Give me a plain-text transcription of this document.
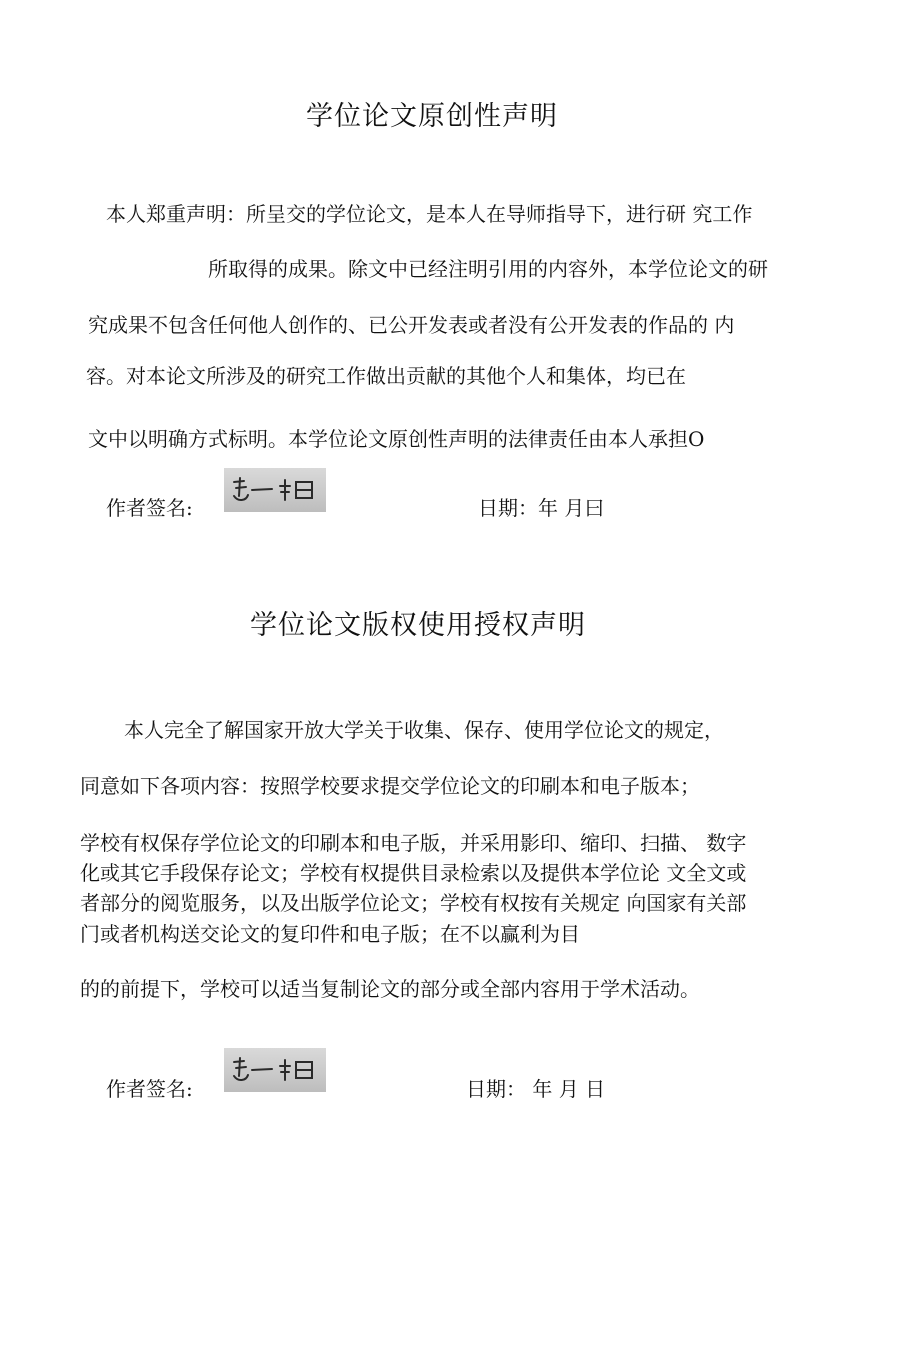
学位论文原创性声明
本人郑重声明：所呈交的学位论文，是本人在导师指导下，进行研 究工作
所取得的成果。除文中已经注明引用的内容外，本学位论文的研
究成果不包含任何他人创作的、已公开发表或者没有公开发表的作品的 内
容。对本论文所涉及的研究工作做出贡献的其他个人和集体，均已在
文中以明确方式标明。本学位论文原创性声明的法律责任由本人承担O
作者签名:	日期：年 月曰
学位论文版权使用授权声明
本人完全了解国家开放大学关于收集、保存、使用学位论文的规定，
同意如下各项内容：按照学校要求提交学位论文的印刷本和电子版本；
学校有权保存学位论文的印刷本和电子版，并采用影印、缩印、扫描、 数字
化或其它手段保存论文；学校有权提供目录检索以及提供本学位论 文全文或
者部分的阅览服务，以及出版学位论文；学校有权按有关规定 向国家有关部
门或者机构送交论文的复印件和电子版；在不以赢利为目
的的前提下，学校可以适当复制论文的部分或全部内容用于学术活动。
作者签名:	日期： 年 月 日
